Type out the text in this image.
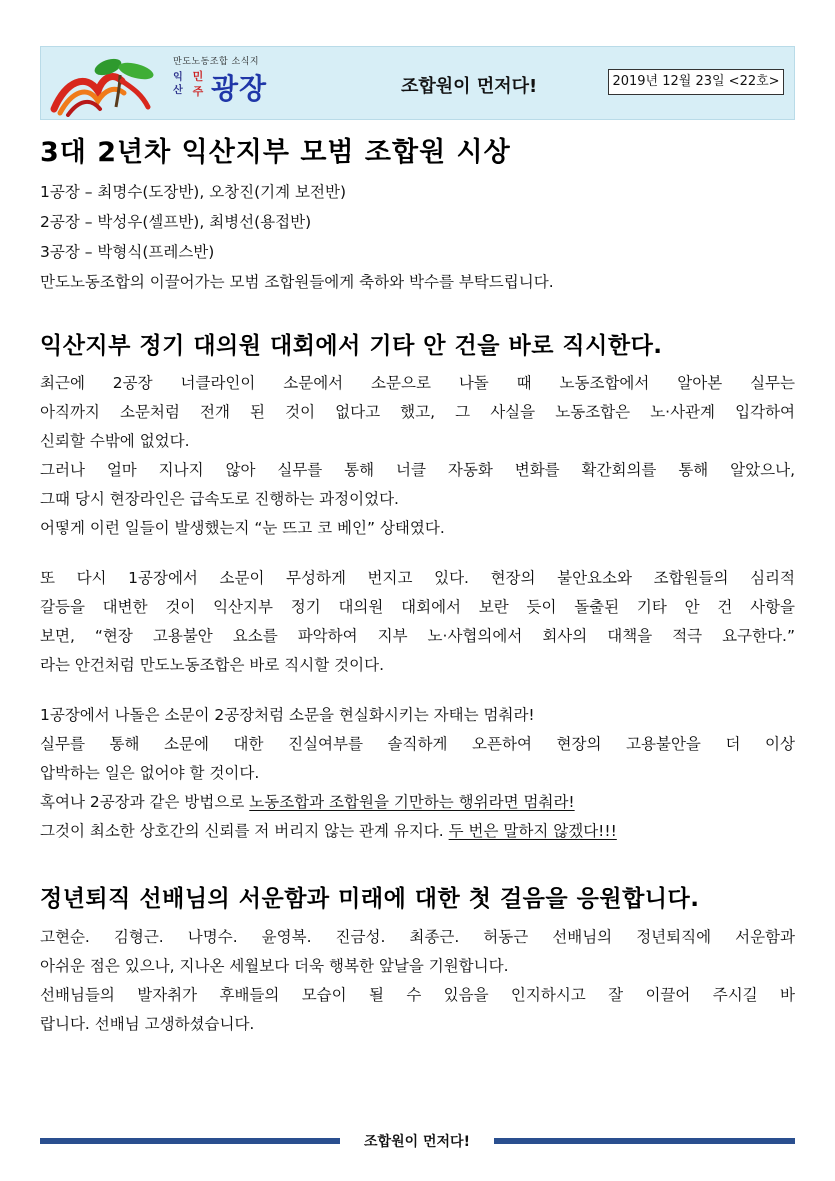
만도노동조합 소식지
익
산
민
주 광장	조합원이 먼저다!	2019년 12월 23일 <22호>
3대 2년차 익산지부 모범 조합원 시상
1공장 – 최명수(도장반), 오창진(기계 보전반)
2공장 – 박성우(셀프반), 최병선(용접반)
3공장 – 박형식(프레스반)
만도노동조합의 이끌어가는 모범 조합원들에게 축하와 박수를 부탁드립니다.
익산지부 정기 대의원 대회에서 기타 안 건을 바로 직시한다.
최근에 2공장 너클라인이 소문에서 소문으로 나돌 때 노동조합에서 알아본 실무는
아직까지 소문처럼 전개 된 것이 없다고 했고, 그 사실을 노동조합은 노·사관계 입각하여
신뢰할 수밖에 없었다.
그러나 얼마 지나지 않아 실무를 통해 너클 자동화 변화를 확간회의를 통해 알았으나,
그때 당시 현장라인은 급속도로 진행하는 과정이었다.
어떻게 이런 일들이 발생했는지 “눈 뜨고 코 베인” 상태였다.
또 다시 1공장에서 소문이 무성하게 번지고 있다. 현장의 불안요소와 조합원들의 심리적
갈등을 대변한 것이 익산지부 정기 대의원 대회에서 보란 듯이 돌출된 기타 안 건 사항을
보면, “현장 고용불안 요소를 파악하여 지부 노·사협의에서 회사의 대책을 적극 요구한다.”
라는 안건처럼 만도노동조합은 바로 직시할 것이다.
1공장에서 나돌은 소문이 2공장처럼 소문을 현실화시키는 자태는 멈춰라!
실무를 통해 소문에 대한 진실여부를 솔직하게 오픈하여 현장의 고용불안을 더 이상
압박하는 일은 없어야 할 것이다.
혹여나 2공장과 같은 방법으로 노동조합과 조합원을 기만하는 행위라면 멈춰라!
그것이 최소한 상호간의 신뢰를 저 버리지 않는 관계 유지다. 두 번은 말하지 않겠다!!!
정년퇴직 선배님의 서운함과 미래에 대한 첫 걸음을 응원합니다.
고현순. 김형근. 나명수. 윤영복. 진금성. 최종근. 허동근 선배님의 정년퇴직에 서운함과
아쉬운 점은 있으나, 지나온 세월보다 더욱 행복한 앞날을 기원합니다.
선배님들의 발자취가 후배들의 모습이 될 수 있음을 인지하시고 잘 이끌어 주시길 바
랍니다. 선배님 고생하셨습니다.
조합원이 먼저다!
